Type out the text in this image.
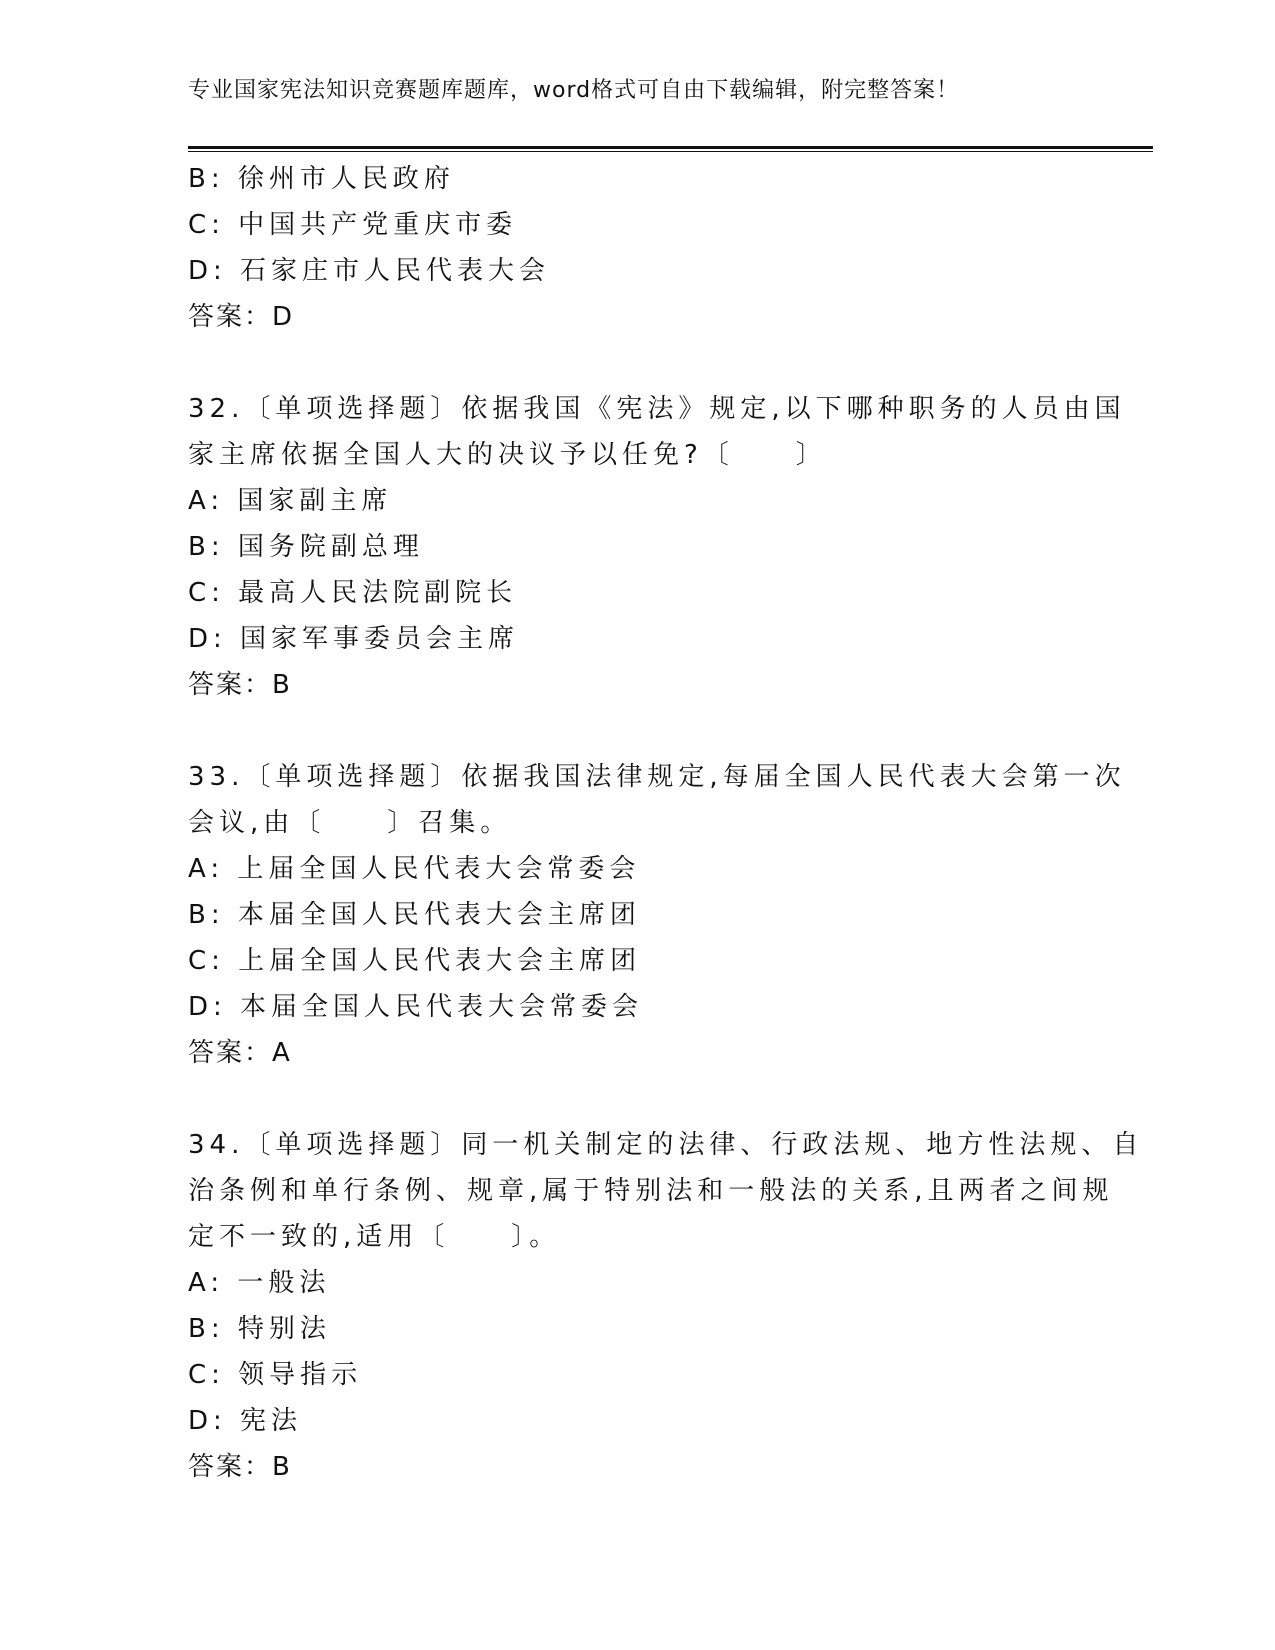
专业国家宪法知识竞赛题库题库，word格式可自由下载编辑，附完整答案！
B: 徐州市人民政府
C: 中国共产党重庆市委
D: 石家庄市人民代表大会
答案：D
32.〔单项选择题〕依据我国《宪法》规定,以下哪种职务的人员由国
家主席依据全国人大的决议予以任免?〔　　〕
A: 国家副主席
B: 国务院副总理
C: 最高人民法院副院长
D: 国家军事委员会主席
答案：B
33.〔单项选择题〕依据我国法律规定,每届全国人民代表大会第一次
会议,由〔　　〕召集。
A: 上届全国人民代表大会常委会
B: 本届全国人民代表大会主席团
C: 上届全国人民代表大会主席团
D: 本届全国人民代表大会常委会
答案：A
34.〔单项选择题〕同一机关制定的法律、行政法规、地方性法规、自
治条例和单行条例、规章,属于特别法和一般法的关系,且两者之间规
定不一致的,适用〔　　〕。
A: 一般法
B: 特别法
C: 领导指示
D: 宪法
答案：B
